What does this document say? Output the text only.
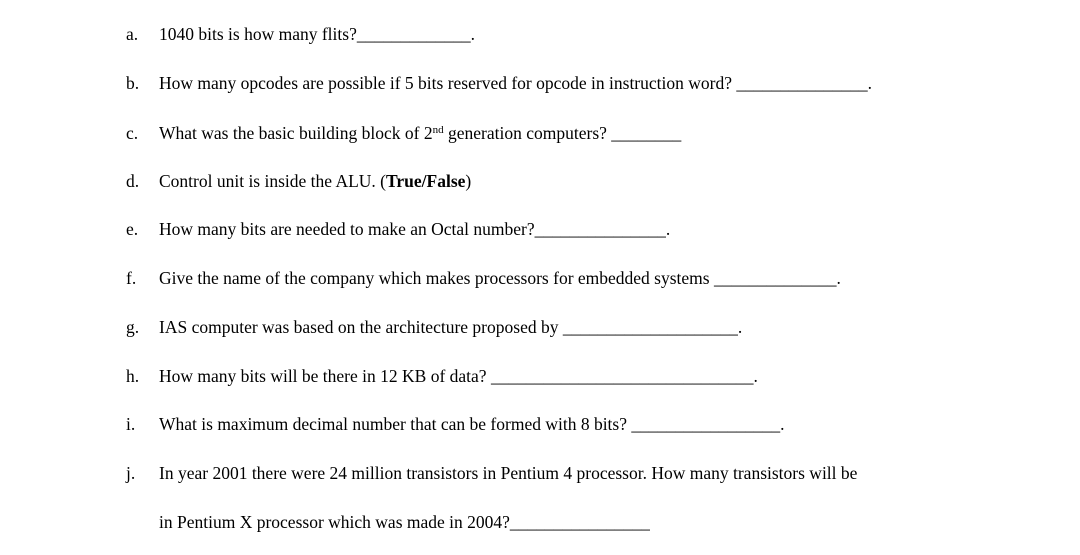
a. 1040 bits is how many flits?_____________.
b. How many opcodes are possible if 5 bits reserved for opcode in instruction word? _______________.
c. What was the basic building block of 2nd generation computers? ________
d. Control unit is inside the ALU. (True/False)
e. How many bits are needed to make an Octal number?_______________.
f. Give the name of the company which makes processors for embedded systems ______________.
g. IAS computer was based on the architecture proposed by ____________________.
h. How many bits will be there in 12 KB of data? ______________________________.
i. What is maximum decimal number that can be formed with 8 bits? _________________.
j. In year 2001 there were 24 million transistors in Pentium 4 processor. How many transistors will be
in Pentium X processor which was made in 2004?________________
